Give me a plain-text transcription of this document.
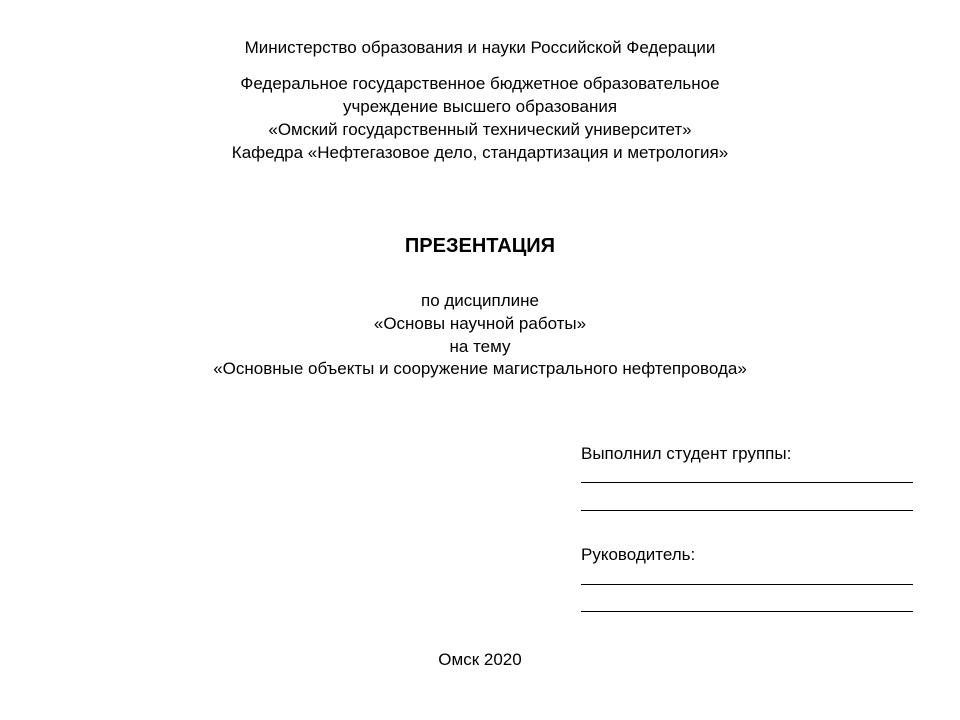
Министерство образования и науки Российской Федерации
Федеральное государственное бюджетное образовательное
учреждение высшего образования
«Омский государственный технический университет»
Кафедра «Нефтегазовое дело, стандартизация и метрология»
ПРЕЗЕНТАЦИЯ
по дисциплине
«Основы научной работы»
на тему
«Основные объекты и сооружение магистрального нефтепровода»
Выполнил студент группы:
Руководитель:
Омск 2020
